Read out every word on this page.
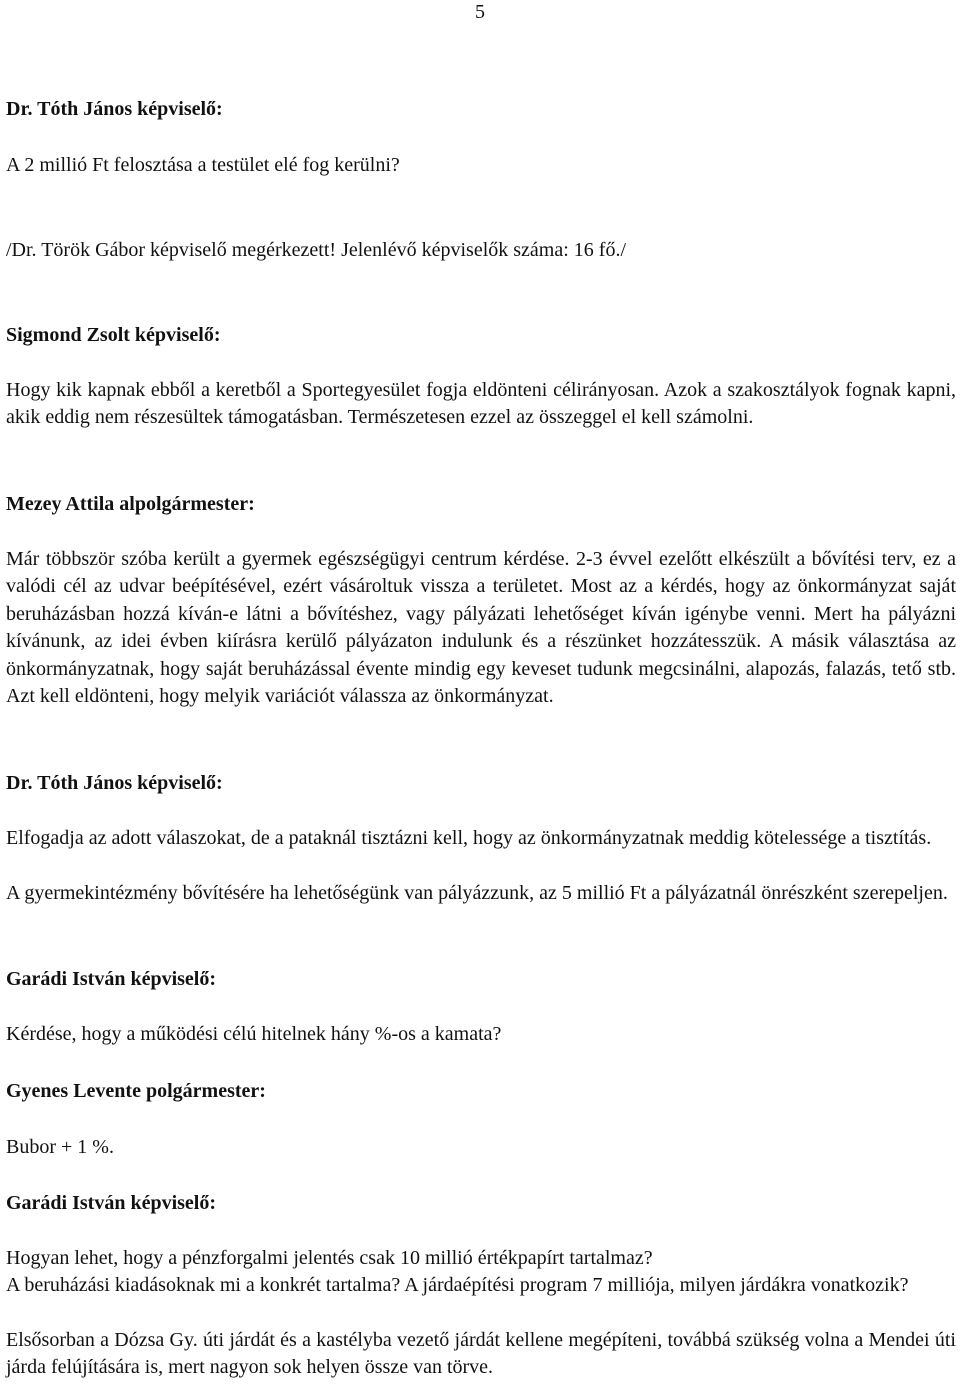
5

Dr. Tóth János képviselő:

A 2 millió Ft felosztása a testület elé fog kerülni?

/Dr. Török Gábor képviselő megérkezett! Jelenlévő képviselők száma: 16 fő./

Sigmond Zsolt képviselő:

Hogy kik kapnak ebből a keretből a Sportegyesület fogja eldönteni célirányosan. Azok a szakosztályok fognak kapni, akik eddig nem részesültek támogatásban. Természetesen ezzel az összeggel el kell számolni.

Mezey Attila alpolgármester:

Már többször szóba került a gyermek egészségügyi centrum kérdése. 2-3 évvel ezelőtt elkészült a bővítési terv, ez a valódi cél az udvar beépítésével, ezért vásároltuk vissza a területet. Most az a kérdés, hogy az önkormányzat saját beruházásban hozzá kíván-e látni a bővítéshez, vagy pályázati lehetőséget kíván igénybe venni. Mert ha pályázni kívánunk, az idei évben kiírásra kerülő pályázaton indulunk és a részünket hozzátesszük. A másik választása az önkormányzatnak, hogy saját beruházással évente mindig egy keveset tudunk megcsinálni, alapozás, falazás, tető stb. Azt kell eldönteni, hogy melyik variációt válassza az önkormányzat.

Dr. Tóth János képviselő:

Elfogadja az adott válaszokat, de a pataknál tisztázni kell, hogy az önkormányzatnak meddig kötelessége a tisztítás.

A gyermekintézmény bővítésére ha lehetőségünk van pályázzunk, az 5 millió Ft a pályázatnál önrészként szerepeljen.

Garádi István képviselő:

Kérdése, hogy a működési célú hitelnek hány %-os a kamata?

Gyenes Levente polgármester:

Bubor + 1 %.

Garádi István képviselő:

Hogyan lehet, hogy a pénzforgalmi jelentés csak 10 millió értékpapírt tartalmaz?

A beruházási kiadásoknak mi a konkrét tartalma? A járdaépítési program 7 milliója, milyen járdákra vonatkozik?

Elsősorban a Dózsa Gy. úti járdát és a kastélyba vezető járdát kellene megépíteni, továbbá szükség volna a Mendei úti járda felújítására is, mert nagyon sok helyen össze van törve.
